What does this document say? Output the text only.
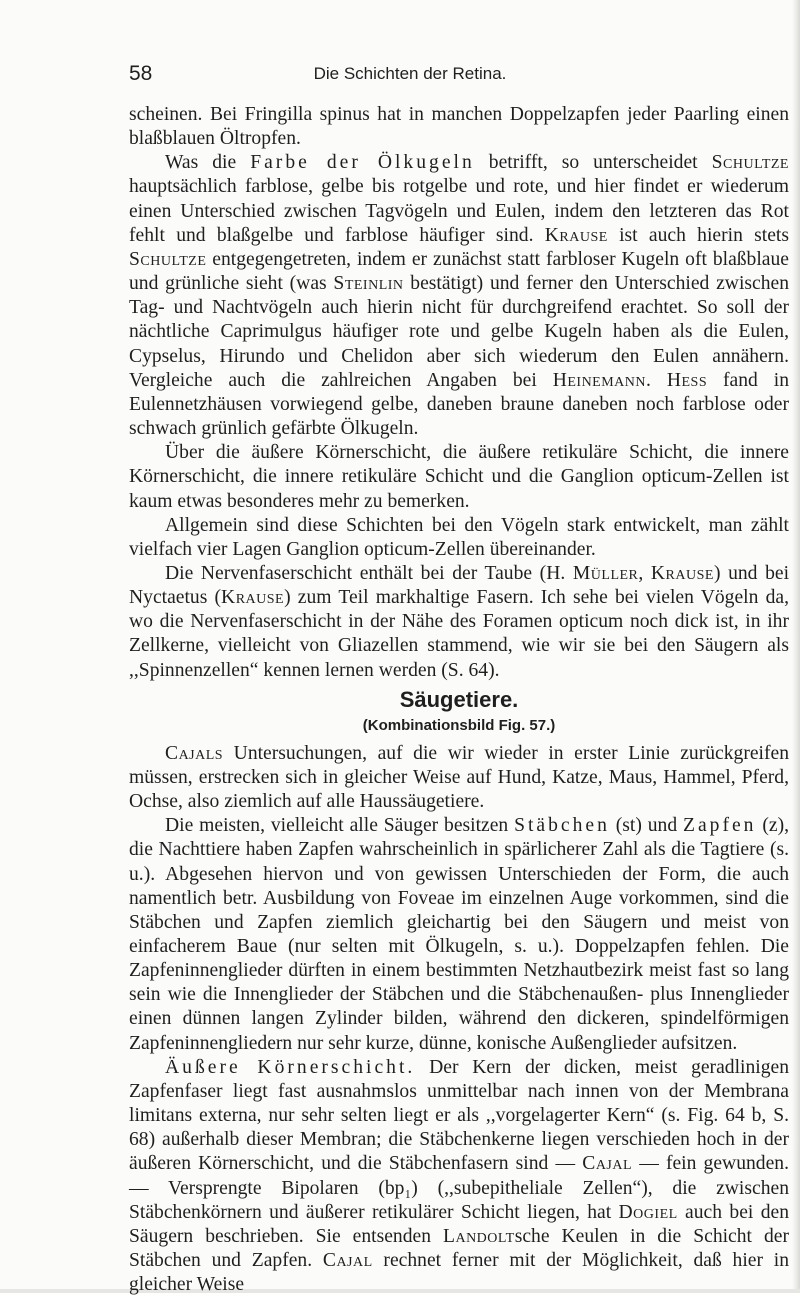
58	Die Schichten der Retina.

scheinen. Bei Fringilla spinus hat in manchen Doppelzapfen jeder Paarling einen blaßblauen Öltropfen.

Was die Farbe der Ölkugeln betrifft, so unterscheidet Schultze hauptsächlich farblose, gelbe bis rotgelbe und rote, und hier findet er wiederum einen Unterschied zwischen Tagvögeln und Eulen, indem den letzteren das Rot fehlt und blaßgelbe und farblose häufiger sind. Krause ist auch hierin stets Schultze entgegengetreten, indem er zunächst statt farbloser Kugeln oft blaßblaue und grünliche sieht (was Steinlin bestätigt) und ferner den Unterschied zwischen Tag- und Nachtvögeln auch hierin nicht für durchgreifend erachtet. So soll der nächtliche Caprimulgus häufiger rote und gelbe Kugeln haben als die Eulen, Cypselus, Hirundo und Chelidon aber sich wiederum den Eulen annähern. Vergleiche auch die zahlreichen Angaben bei Heinemann. Hess fand in Eulennetzhäusen vorwiegend gelbe, daneben braune daneben noch farblose oder schwach grünlich gefärbte Ölkugeln.

Über die äußere Körnerschicht, die äußere retikuläre Schicht, die innere Körnerschicht, die innere retikuläre Schicht und die Ganglion opticum-Zellen ist kaum etwas besonderes mehr zu bemerken.

Allgemein sind diese Schichten bei den Vögeln stark entwickelt, man zählt vielfach vier Lagen Ganglion opticum-Zellen übereinander.

Die Nervenfaserschicht enthält bei der Taube (H. Müller, Krause) und bei Nyctaetus (Krause) zum Teil markhaltige Fasern. Ich sehe bei vielen Vögeln da, wo die Nervenfaserschicht in der Nähe des Foramen opticum noch dick ist, in ihr Zellkerne, vielleicht von Gliazellen stammend, wie wir sie bei den Säugern als ,,Spinnenzellen“ kennen lernen werden (S. 64).

Säugetiere.
(Kombinationsbild Fig. 57.)

Cajals Untersuchungen, auf die wir wieder in erster Linie zurückgreifen müssen, erstrecken sich in gleicher Weise auf Hund, Katze, Maus, Hammel, Pferd, Ochse, also ziemlich auf alle Haussäugetiere.

Die meisten, vielleicht alle Säuger besitzen Stäbchen (st) und Zapfen (z), die Nachttiere haben Zapfen wahrscheinlich in spärlicherer Zahl als die Tagtiere (s. u.). Abgesehen hiervon und von gewissen Unterschieden der Form, die auch namentlich betr. Ausbildung von Foveae im einzelnen Auge vorkommen, sind die Stäbchen und Zapfen ziemlich gleichartig bei den Säugern und meist von einfacherem Baue (nur selten mit Ölkugeln, s. u.). Doppelzapfen fehlen. Die Zapfeninnenglieder dürften in einem bestimmten Netzhautbezirk meist fast so lang sein wie die Innenglieder der Stäbchen und die Stäbchenaußen- plus Innenglieder einen dünnen langen Zylinder bilden, während den dickeren, spindelförmigen Zapfeninnengliedern nur sehr kurze, dünne, konische Außenglieder aufsitzen.

Äußere Körnerschicht. Der Kern der dicken, meist geradlinigen Zapfenfaser liegt fast ausnahmslos unmittelbar nach innen von der Membrana limitans externa, nur sehr selten liegt er als ,,vorgelagerter Kern“ (s. Fig. 64 b, S. 68) außerhalb dieser Membran; die Stäbchenkerne liegen verschieden hoch in der äußeren Körnerschicht, und die Stäbchenfasern sind — Cajal — fein gewunden. — Versprengte Bipolaren (bp₁) (,,subepitheliale Zellen“), die zwischen Stäbchenkörnern und äußerer retikulärer Schicht liegen, hat Dogiel auch bei den Säugern beschrieben. Sie entsenden Landoltsche Keulen in die Schicht der Stäbchen und Zapfen. Cajal rechnet ferner mit der Möglichkeit, daß hier in gleicher Weise
